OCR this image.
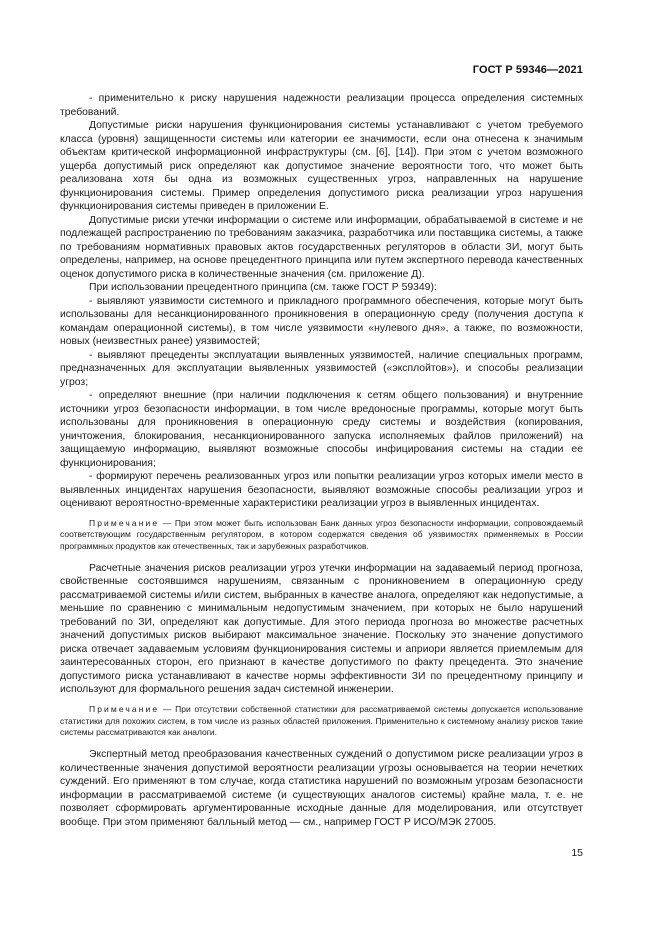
ГОСТ Р 59346—2021

- применительно к риску нарушения надежности реализации процесса определения системных требований.

Допустимые риски нарушения функционирования системы устанавливают с учетом требуемого класса (уровня) защищенности системы или категории ее значимости, если она отнесена к значимым объектам критической информационной инфраструктуры (см. [6], [14]). При этом с учетом возможного ущерба допустимый риск определяют как допустимое значение вероятности того, что может быть реализована хотя бы одна из возможных существенных угроз, направленных на нарушение функционирования системы. Пример определения допустимого риска реализации угроз нарушения функционирования системы приведен в приложении Е.

Допустимые риски утечки информации о системе или информации, обрабатываемой в системе и не подлежащей распространению по требованиям заказчика, разработчика или поставщика системы, а также по требованиям нормативных правовых актов государственных регуляторов в области ЗИ, могут быть определены, например, на основе прецедентного принципа или путем экспертного перевода качественных оценок допустимого риска в количественные значения (см. приложение Д).

При использовании прецедентного принципа (см. также ГОСТ Р 59349):

- выявляют уязвимости системного и прикладного программного обеспечения, которые могут быть использованы для несанкционированного проникновения в операционную среду (получения доступа к командам операционной системы), в том числе уязвимости «нулевого дня», а также, по возможности, новых (неизвестных ранее) уязвимостей;

- выявляют прецеденты эксплуатации выявленных уязвимостей, наличие специальных программ, предназначенных для эксплуатации выявленных уязвимостей («эксплойтов»), и способы реализации угроз;

- определяют внешние (при наличии подключения к сетям общего пользования) и внутренние источники угроз безопасности информации, в том числе вредоносные программы, которые могут быть использованы для проникновения в операционную среду системы и воздействия (копирования, уничтожения, блокирования, несанкционированного запуска исполняемых файлов приложений) на защищаемую информацию, выявляют возможные способы инфицирования системы на стадии ее функционирования;

- формируют перечень реализованных угроз или попытки реализации угроз которых имели место в выявленных инцидентах нарушения безопасности, выявляют возможные способы реализации угроз и оценивают вероятностно-временные характеристики реализации угроз в выявленных инцидентах.

Примечание — При этом может быть использован Банк данных угроз безопасности информации, сопровождаемый соответствующим государственным регулятором, в котором содержатся сведения об уязвимостях применяемых в России программных продуктов как отечественных, так и зарубежных разработчиков.

Расчетные значения рисков реализации угроз утечки информации на задаваемый период прогноза, свойственные состоявшимся нарушениям, связанным с проникновением в операционную среду рассматриваемой системы и/или систем, выбранных в качестве аналога, определяют как недопустимые, а меньшие по сравнению с минимальным недопустимым значением, при которых не было нарушений требований по ЗИ, определяют как допустимые. Для этого периода прогноза во множестве расчетных значений допустимых рисков выбирают максимальное значение. Поскольку это значение допустимого риска отвечает задаваемым условиям функционирования системы и априори является приемлемым для заинтересованных сторон, его признают в качестве допустимого по факту прецедента. Это значение допустимого риска устанавливают в качестве нормы эффективности ЗИ по прецедентному принципу и используют для формального решения задач системной инженерии.

Примечание — При отсутствии собственной статистики для рассматриваемой системы допускается использование статистики для похожих систем, в том числе из разных областей приложения. Применительно к системному анализу рисков такие системы рассматриваются как аналоги.

Экспертный метод преобразования качественных суждений о допустимом риске реализации угроз в количественные значения допустимой вероятности реализации угрозы основывается на теории нечетких суждений. Его применяют в том случае, когда статистика нарушений по возможным угрозам безопасности информации в рассматриваемой системе (и существующих аналогов системы) крайне мала, т. е. не позволяет сформировать аргументированные исходные данные для моделирования, или отсутствует вообще. При этом применяют балльный метод — см., например ГОСТ Р ИСО/МЭК 27005.

15
